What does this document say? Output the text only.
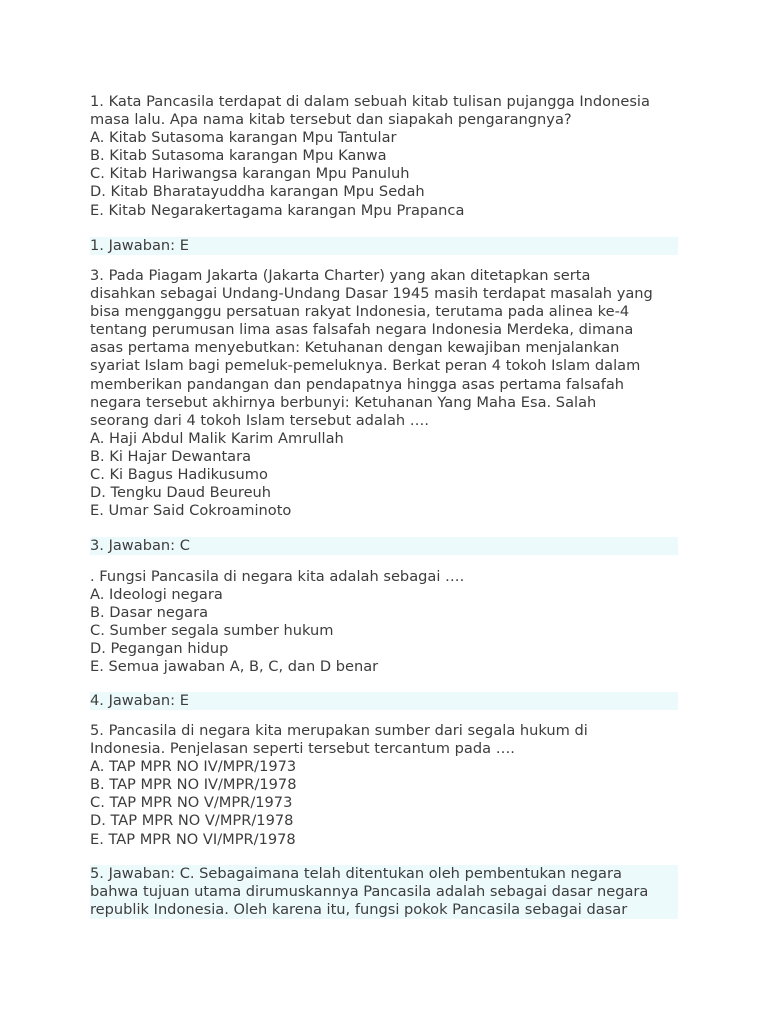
1. Kata Pancasila terdapat di dalam sebuah kitab tulisan pujangga Indonesia
masa lalu. Apa nama kitab tersebut dan siapakah pengarangnya?

A. Kitab Sutasoma karangan Mpu Tantular
B. Kitab Sutasoma karangan Mpu Kanwa
C. Kitab Hariwangsa karangan Mpu Panuluh
D. Kitab Bharatayuddha karangan Mpu Sedah
E. Kitab Negarakertagama karangan Mpu Prapanca
1. Jawaban: E

3. Pada Piagam Jakarta (Jakarta Charter) yang akan ditetapkan serta
disahkan sebagai Undang-Undang Dasar 1945 masih terdapat masalah yang
bisa mengganggu persatuan rakyat Indonesia, terutama pada alinea ke-4
tentang perumusan lima asas falsafah negara Indonesia Merdeka, dimana
asas pertama menyebutkan: Ketuhanan dengan kewajiban menjalankan
syariat Islam bagi pemeluk-pemeluknya. Berkat peran 4 tokoh Islam dalam
memberikan pandangan dan pendapatnya hingga asas pertama falsafah
negara tersebut akhirnya berbunyi: Ketuhanan Yang Maha Esa. Salah
seorang dari 4 tokoh Islam tersebut adalah ….

A. Haji Abdul Malik Karim Amrullah
B. Ki Hajar Dewantara
C. Ki Bagus Hadikusumo
D. Tengku Daud Beureuh
E. Umar Said Cokroaminoto
3. Jawaban: C

. Fungsi Pancasila di negara kita adalah sebagai ….

A. Ideologi negara
B. Dasar negara
C. Sumber segala sumber hukum
D. Pegangan hidup
E. Semua jawaban A, B, C, dan D benar
4. Jawaban: E

5. Pancasila di negara kita merupakan sumber dari segala hukum di
Indonesia. Penjelasan seperti tersebut tercantum pada ….

A. TAP MPR NO IV/MPR/1973
B. TAP MPR NO IV/MPR/1978
C. TAP MPR NO V/MPR/1973
D. TAP MPR NO V/MPR/1978
E. TAP MPR NO VI/MPR/1978
5. Jawaban: C. Sebagaimana telah ditentukan oleh pembentukan negara
bahwa tujuan utama dirumuskannya Pancasila adalah sebagai dasar negara
republik Indonesia. Oleh karena itu, fungsi pokok Pancasila sebagai dasar
